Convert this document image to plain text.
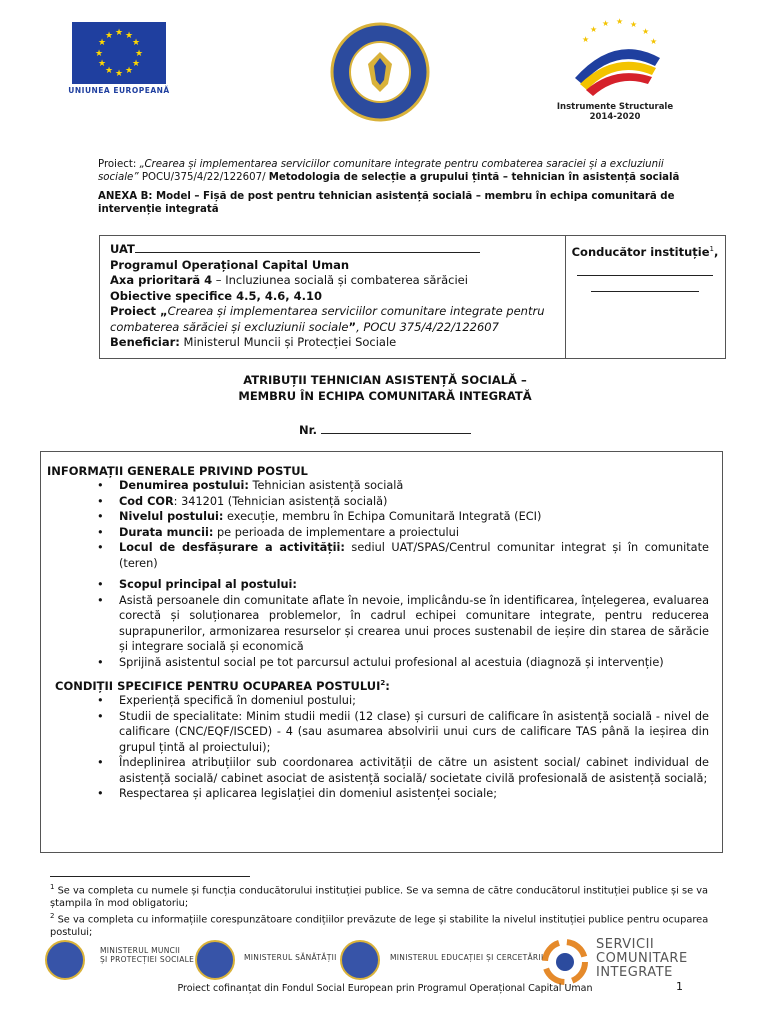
★ ★
★
★
★
★
★
★
★
★
★
★
UNIUNEA EUROPEANĂ
★
★ ★ ★
★
★	★
Instrumente Structurale
2014-2020
Proiect: „Crearea și implementarea serviciilor comunitare integrate pentru combaterea saraciei și a excluziunii sociale” POCU/375/4/22/122607/ Metodologia de selecție a grupului țintă – tehnician în asistență socială
ANEXA B: Model – Fișă de post pentru tehnician asistență socială – membru în echipa comunitară de intervenție integrată
UAT
Programul Operațional Capital Uman
Axa prioritară 4 – Incluziunea socială și combaterea sărăciei
Obiective specifice 4.5, 4.6, 4.10
Proiect „Crearea și implementarea serviciilor comunitare integrate pentru combaterea sărăciei și excluziunii sociale”, POCU 375/4/22/122607
Beneficiar: Ministerul Muncii și Protecției Sociale
Conducător instituție$^1$,
ATRIBUȚII TEHNICIAN ASISTENȚĂ SOCIALĂ –
MEMBRU ÎN ECHIPA COMUNITARĂ INTEGRATĂ
Nr.
INFORMAȚII GENERALE PRIVIND POSTUL
• Denumirea postului: Tehnician asistență socială
• Cod COR: 341201 (Tehnician asistență socială)
• Nivelul postului: execuție, membru în Echipa Comunitară Integrată (ECI)
• Durata muncii: pe perioada de implementare a proiectului
• Locul de desfășurare a activității: sediul UAT/SPAS/Centrul comunitar integrat și în comunitate (teren)
• Scopul principal al postului:
• Asistă persoanele din comunitate aflate în nevoie, implicându-se în identificarea, înțelegerea, evaluarea corectă și soluționarea problemelor, în cadrul echipei comunitare integrate, pentru reducerea suprapunerilor, armonizarea resurselor și crearea unui proces sustenabil de ieșire din starea de sărăcie și integrare socială și economică
• Sprijină asistentul social pe tot parcursul actului profesional al acestuia (diagnoză și intervenție)
CONDIȚII SPECIFICE PENTRU OCUPAREA POSTULUI$^2$:
• Experiență specifică în domeniul postului;
• Studii de specialitate: Minim studii medii (12 clase) și cursuri de calificare în asistență socială - nivel de calificare (CNC/EQF/ISCED) - 4 (sau asumarea absolvirii unui curs de calificare TAS până la ieșirea din grupul țintă al proiectului);
• Îndeplinirea atribuțiilor sub coordonarea activității de către un asistent social/ cabinet individual de asistență socială/ cabinet asociat de asistență socială/ societate civilă profesională de asistență socială;
• Respectarea și aplicarea legislației din domeniul asistenței sociale;
$^1$ Se va completa cu numele și funcția conducătorului instituției publice. Se va semna de către conducătorul instituției publice și se va ștampila în mod obligatoriu;
$^2$ Se va completa cu informațiile corespunzătoare condițiilor prevăzute de lege și stabilite la nivelul instituției publice pentru ocuparea postului;
MINISTERUL MUNCII
ȘI PROTECȚIEI SOCIALE	MINISTERUL SĂNĂTĂȚII	MINISTERUL EDUCAȚIEI ȘI CERCETĂRII
SERVICII
COMUNITARE
INTEGRATE
Proiect cofinanțat din Fondul Social European prin Programul Operațional Capital Uman	1
